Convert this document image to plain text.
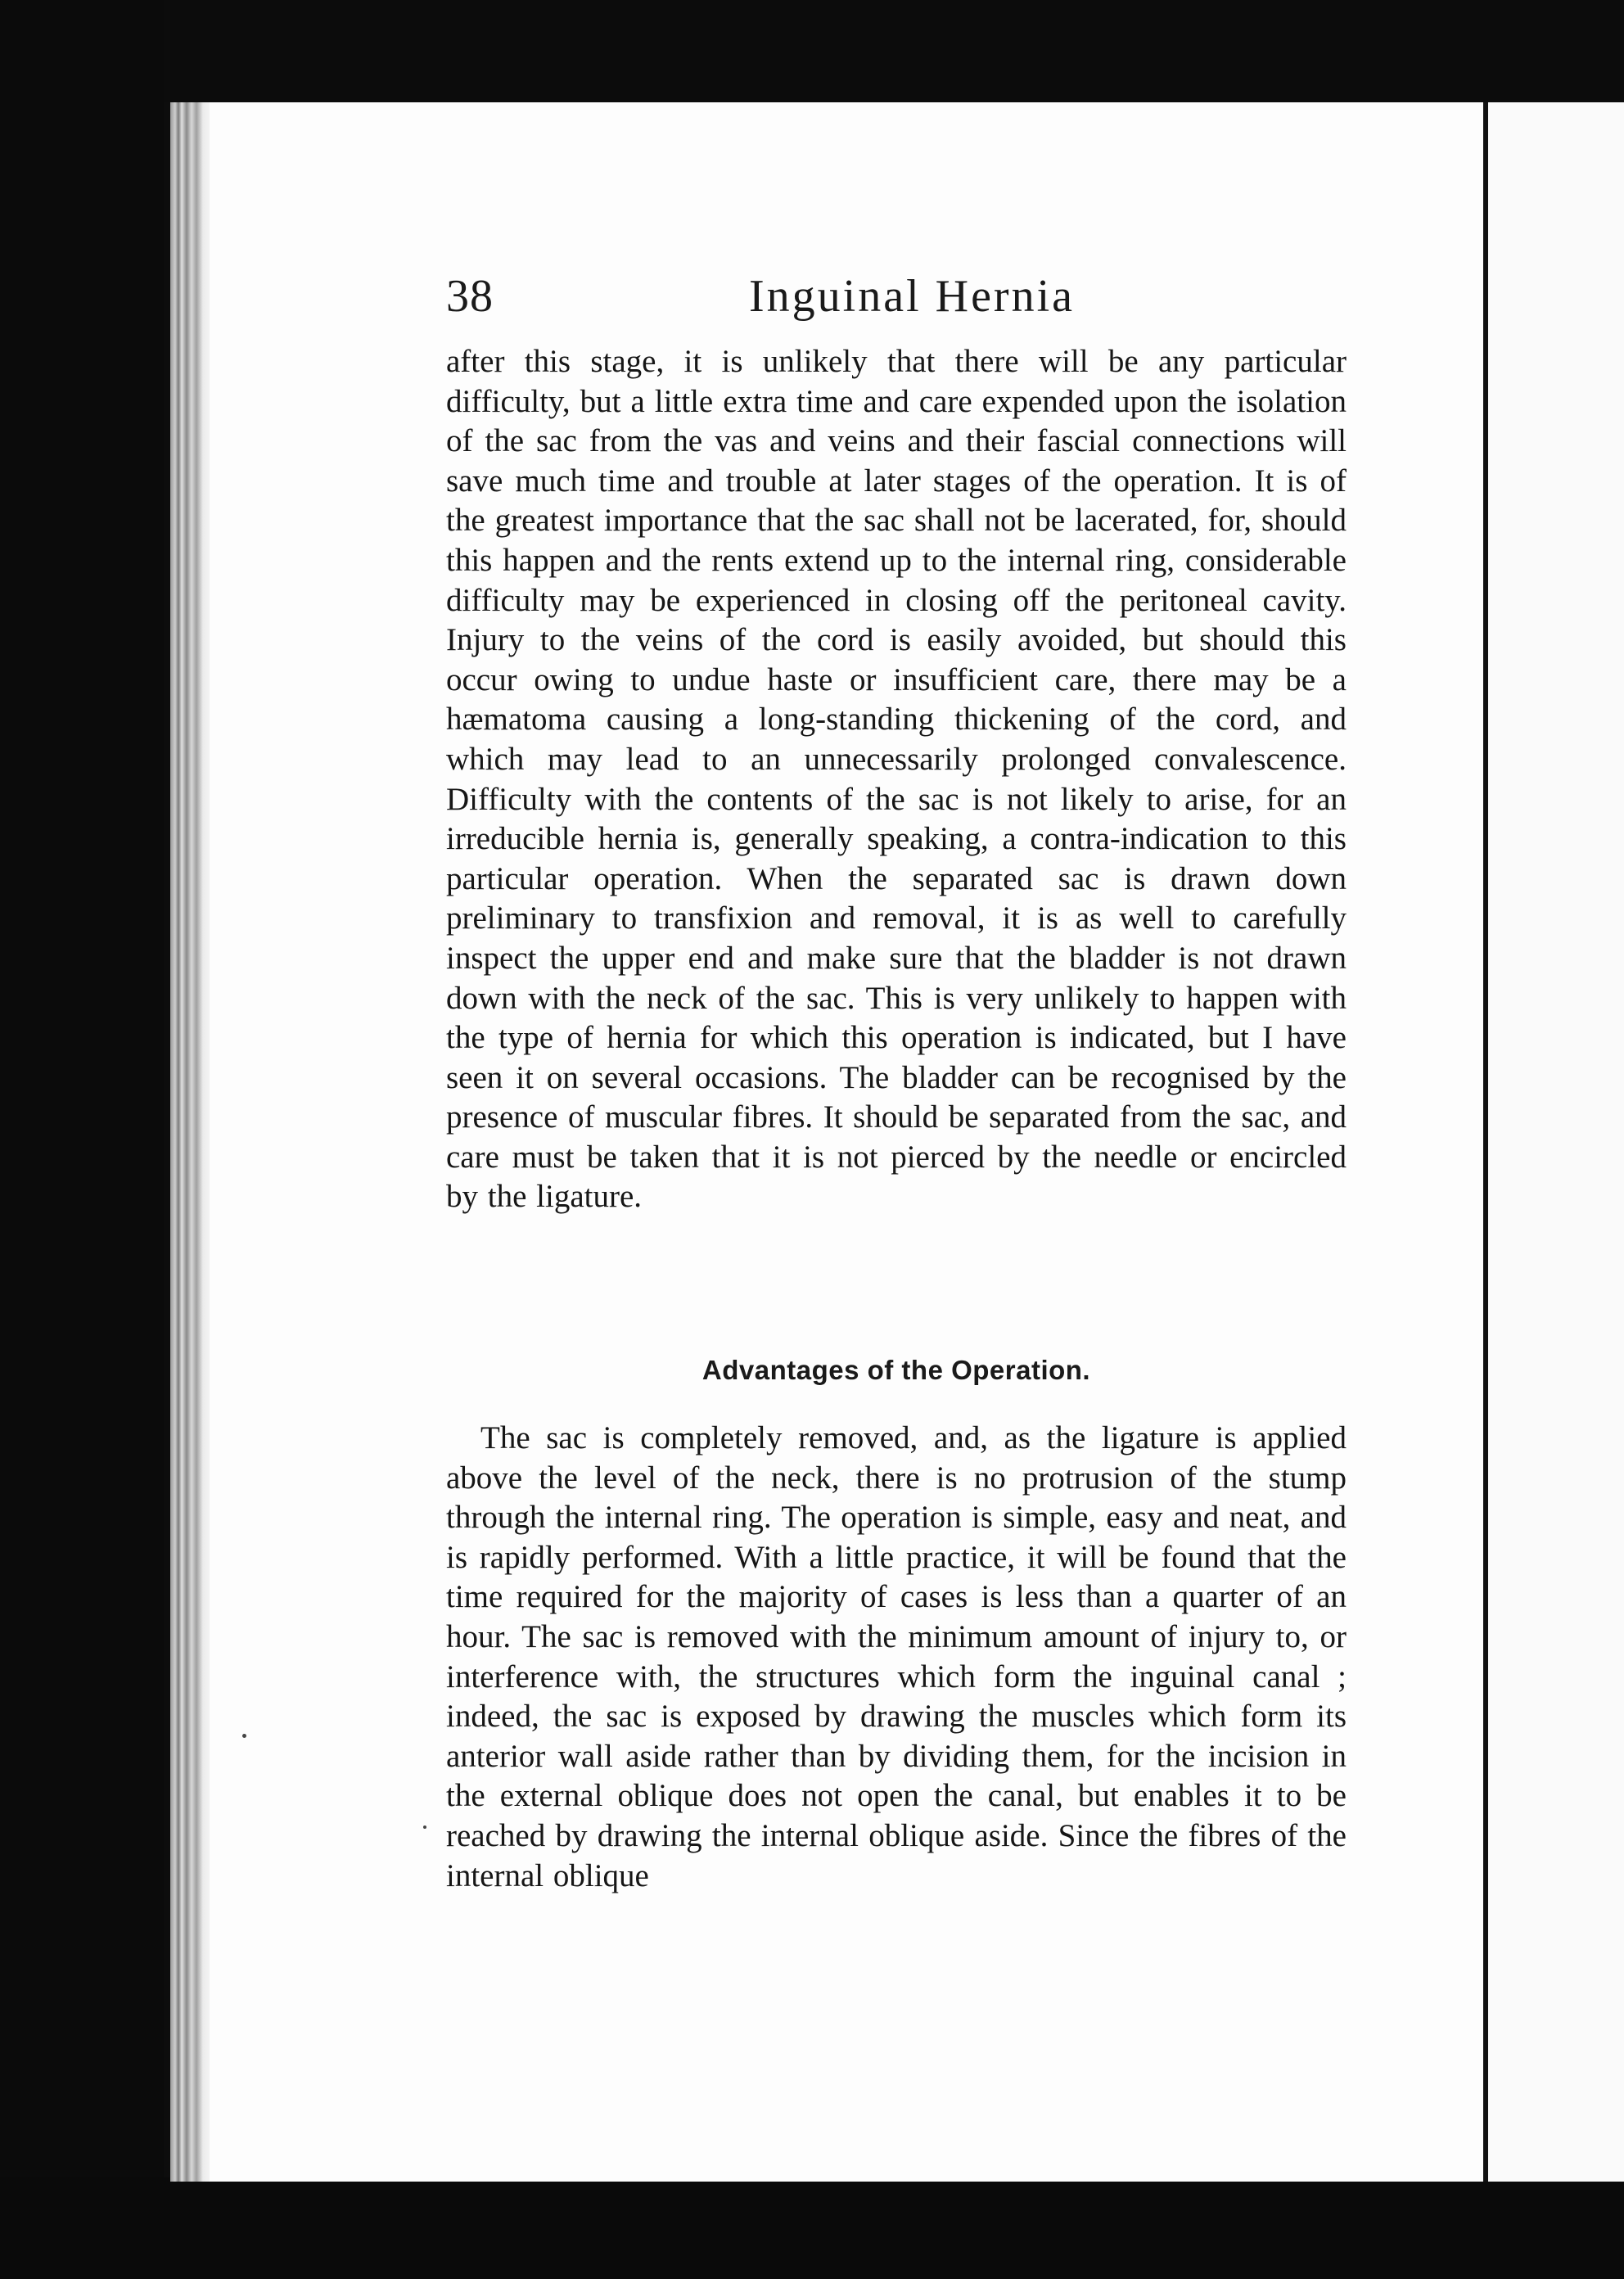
38	Inguinal Hernia

after this stage, it is unlikely that there will be any particular difficulty, but a little extra time and care expended upon the isolation of the sac from the vas and veins and their fascial connections will save much time and trouble at later stages of the operation. It is of the greatest importance that the sac shall not be lacerated, for, should this happen and the rents extend up to the internal ring, considerable difficulty may be experienced in closing off the peritoneal cavity. Injury to the veins of the cord is easily avoided, but should this occur owing to undue haste or insufficient care, there may be a hæmatoma causing a long-standing thickening of the cord, and which may lead to an unnecessarily prolonged convalescence. Difficulty with the contents of the sac is not likely to arise, for an irreducible hernia is, generally speaking, a contra-indication to this particular operation. When the separated sac is drawn down preliminary to transfixion and removal, it is as well to carefully inspect the upper end and make sure that the bladder is not drawn down with the neck of the sac. This is very unlikely to happen with the type of hernia for which this operation is indicated, but I have seen it on several occasions. The bladder can be recognised by the presence of muscular fibres. It should be separated from the sac, and care must be taken that it is not pierced by the needle or encircled by the ligature.

Advantages of the Operation.

The sac is completely removed, and, as the ligature is applied above the level of the neck, there is no protrusion of the stump through the internal ring. The operation is simple, easy and neat, and is rapidly performed. With a little practice, it will be found that the time required for the majority of cases is less than a quarter of an hour. The sac is removed with the minimum amount of injury to, or interference with, the structures which form the inguinal canal ; indeed, the sac is exposed by drawing the muscles which form its anterior wall aside rather than by dividing them, for the incision in the external oblique does not open the canal, but enables it to be reached by drawing the internal oblique aside. Since the fibres of the internal oblique
